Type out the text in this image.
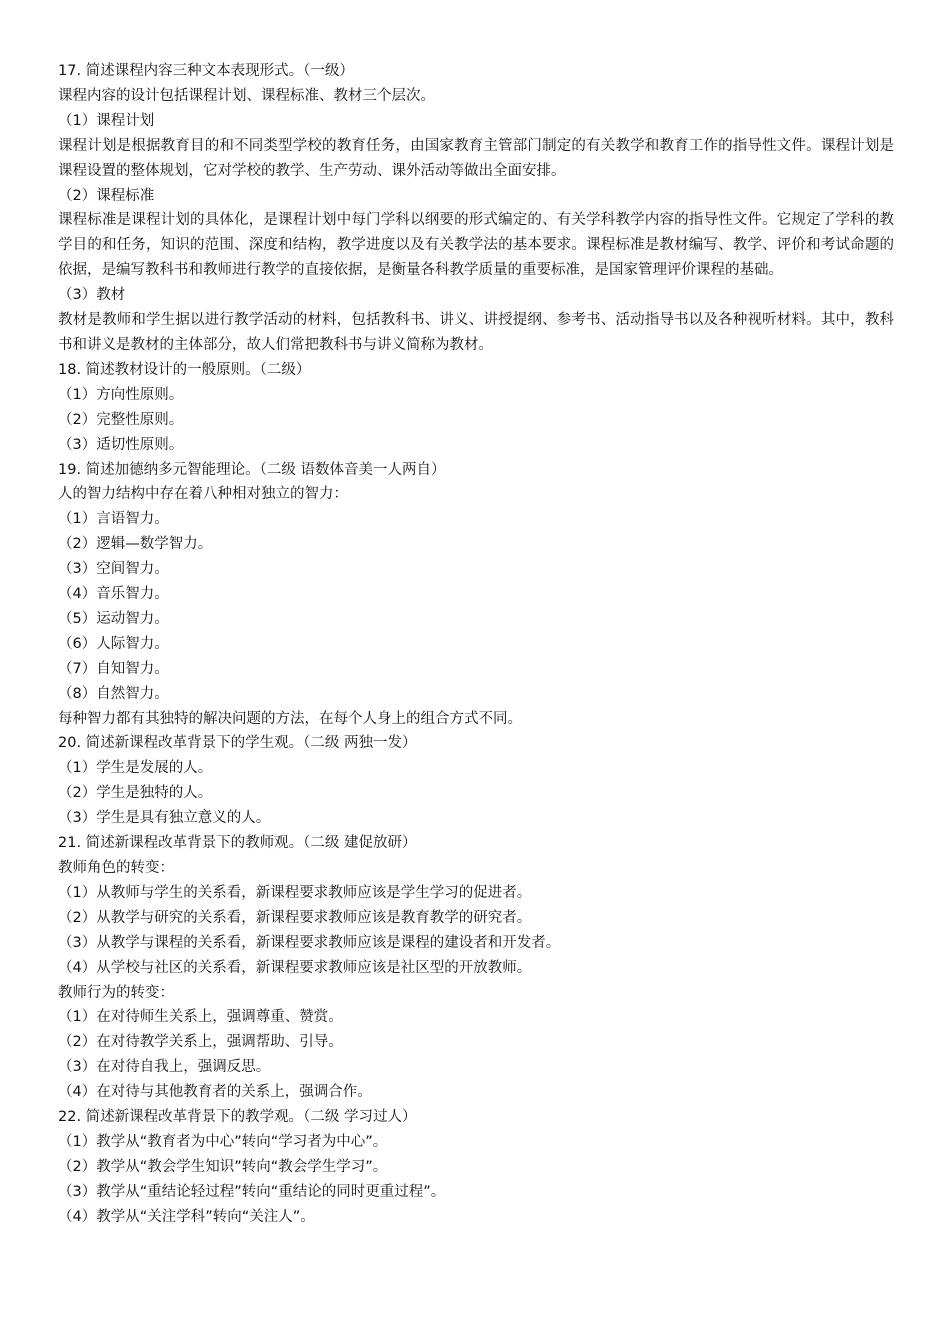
17. 简述课程内容三种文本表现形式。（一级）
课程内容的设计包括课程计划、课程标准、教材三个层次。
（1）课程计划
课程计划是根据教育目的和不同类型学校的教育任务，由国家教育主管部门制定的有关教学和教育工作的指导性文件。课程计划是课程设置的整体规划，它对学校的教学、生产劳动、课外活动等做出全面安排。
（2）课程标准
课程标准是课程计划的具体化，是课程计划中每门学科以纲要的形式编定的、有关学科教学内容的指导性文件。它规定了学科的教学目的和任务，知识的范围、深度和结构，教学进度以及有关教学法的基本要求。课程标准是教材编写、教学、评价和考试命题的依据，是编写教科书和教师进行教学的直接依据，是衡量各科教学质量的重要标准，是国家管理评价课程的基础。
（3）教材
教材是教师和学生据以进行教学活动的材料，包括教科书、讲义、讲授提纲、参考书、活动指导书以及各种视听材料。其中，教科书和讲义是教材的主体部分，故人们常把教科书与讲义简称为教材。
18. 简述教材设计的一般原则。（二级）
（1）方向性原则。
（2）完整性原则。
（3）适切性原则。
19. 简述加德纳多元智能理论。（二级 语数体音美一人两自）
人的智力结构中存在着八种相对独立的智力：
（1）言语智力。
（2）逻辑—数学智力。
（3）空间智力。
（4）音乐智力。
（5）运动智力。
（6）人际智力。
（7）自知智力。
（8）自然智力。
每种智力都有其独特的解决问题的方法，在每个人身上的组合方式不同。
20. 简述新课程改革背景下的学生观。（二级 两独一发）
（1）学生是发展的人。
（2）学生是独特的人。
（3）学生是具有独立意义的人。
21. 简述新课程改革背景下的教师观。（二级 建促放研）
教师角色的转变：
（1）从教师与学生的关系看，新课程要求教师应该是学生学习的促进者。
（2）从教学与研究的关系看，新课程要求教师应该是教育教学的研究者。
（3）从教学与课程的关系看，新课程要求教师应该是课程的建设者和开发者。
（4）从学校与社区的关系看，新课程要求教师应该是社区型的开放教师。
教师行为的转变：
（1）在对待师生关系上，强调尊重、赞赏。
（2）在对待教学关系上，强调帮助、引导。
（3）在对待自我上，强调反思。
（4）在对待与其他教育者的关系上，强调合作。
22. 简述新课程改革背景下的教学观。（二级 学习过人）
（1）教学从“教育者为中心”转向“学习者为中心”。
（2）教学从“教会学生知识”转向“教会学生学习”。
（3）教学从“重结论轻过程”转向“重结论的同时更重过程”。
（4）教学从“关注学科”转向“关注人”。
